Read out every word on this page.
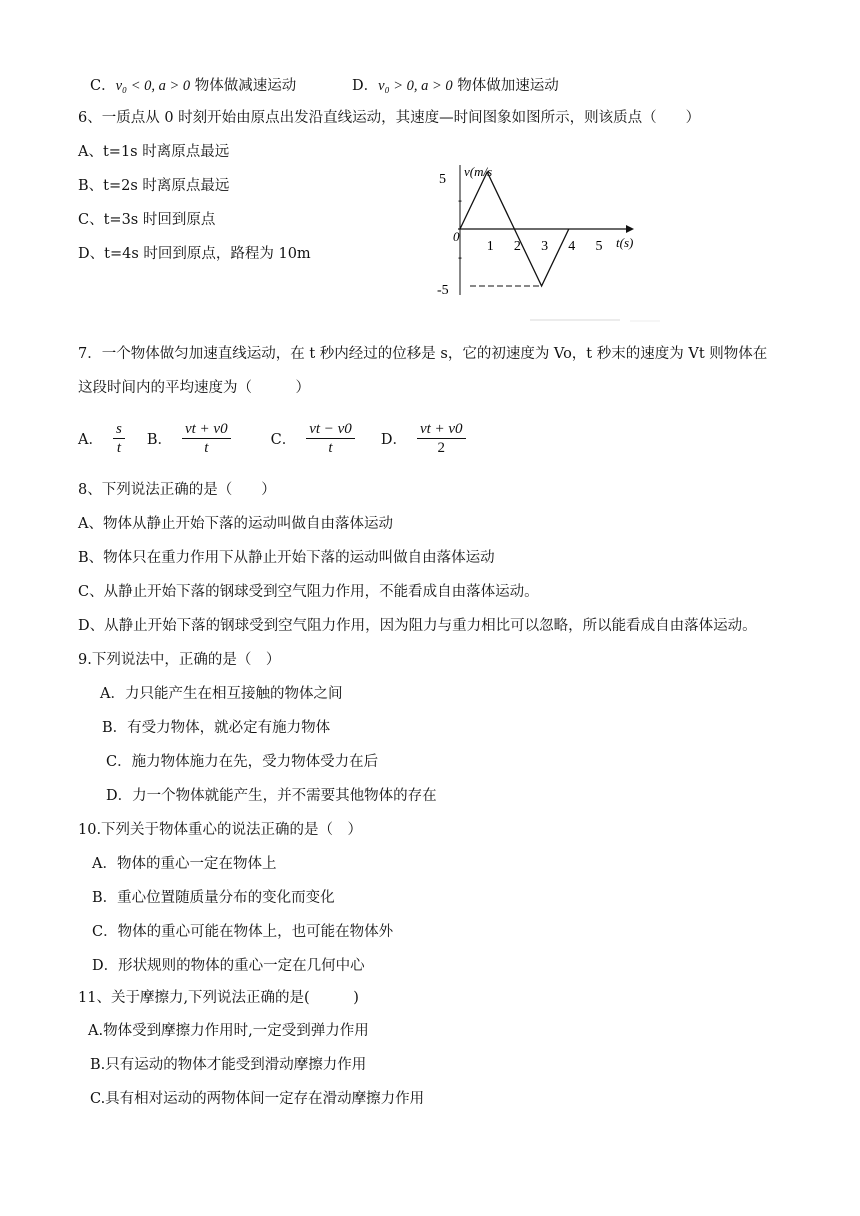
C．v₀ < 0, a > 0 物体做减速运动	D．v₀ > 0, a > 0 物体做加速运动
6、一质点从 0 时刻开始由原点出发沿直线运动，其速度—时间图象如图所示，则该质点（　　）
A、t=1s 时离原点最远
B、t=2s 时离原点最远
C、t=3s 时回到原点
D、t=4s 时回到原点，路程为 10m
v(m/s
t(s)
0
5
-5
-
-
1 2 3 4 5
7．一个物体做匀加速直线运动，在 t 秒内经过的位移是 s，它的初速度为 Vo，t 秒末的速度为 Vt 则物体在
这段时间内的平均速度为（　　　）
A． $\frac{s}{t}$ B． $\frac{vt + v0}{t}$	C． $\frac{vt - v0}{t}$ D． $\frac{vt + v0}{2}$
8、下列说法正确的是（　　）
A、物体从静止开始下落的运动叫做自由落体运动
B、物体只在重力作用下从静止开始下落的运动叫做自由落体运动
C、从静止开始下落的钢球受到空气阻力作用，不能看成自由落体运动。
D、从静止开始下落的钢球受到空气阻力作用，因为阻力与重力相比可以忽略，所以能看成自由落体运动。
9.下列说法中，正确的是（　）
A．力只能产生在相互接触的物体之间
B．有受力物体，就必定有施力物体
C．施力物体施力在先，受力物体受力在后
D．力一个物体就能产生，并不需要其他物体的存在
10.下列关于物体重心的说法正确的是（　）
A．物体的重心一定在物体上
B．重心位置随质量分布的变化而变化
C．物体的重心可能在物体上，也可能在物体外
D．形状规则的物体的重心一定在几何中心
11、关于摩擦力,下列说法正确的是(　　　)
A.物体受到摩擦力作用时,一定受到弹力作用
B.只有运动的物体才能受到滑动摩擦力作用
C.具有相对运动的两物体间一定存在滑动摩擦力作用
